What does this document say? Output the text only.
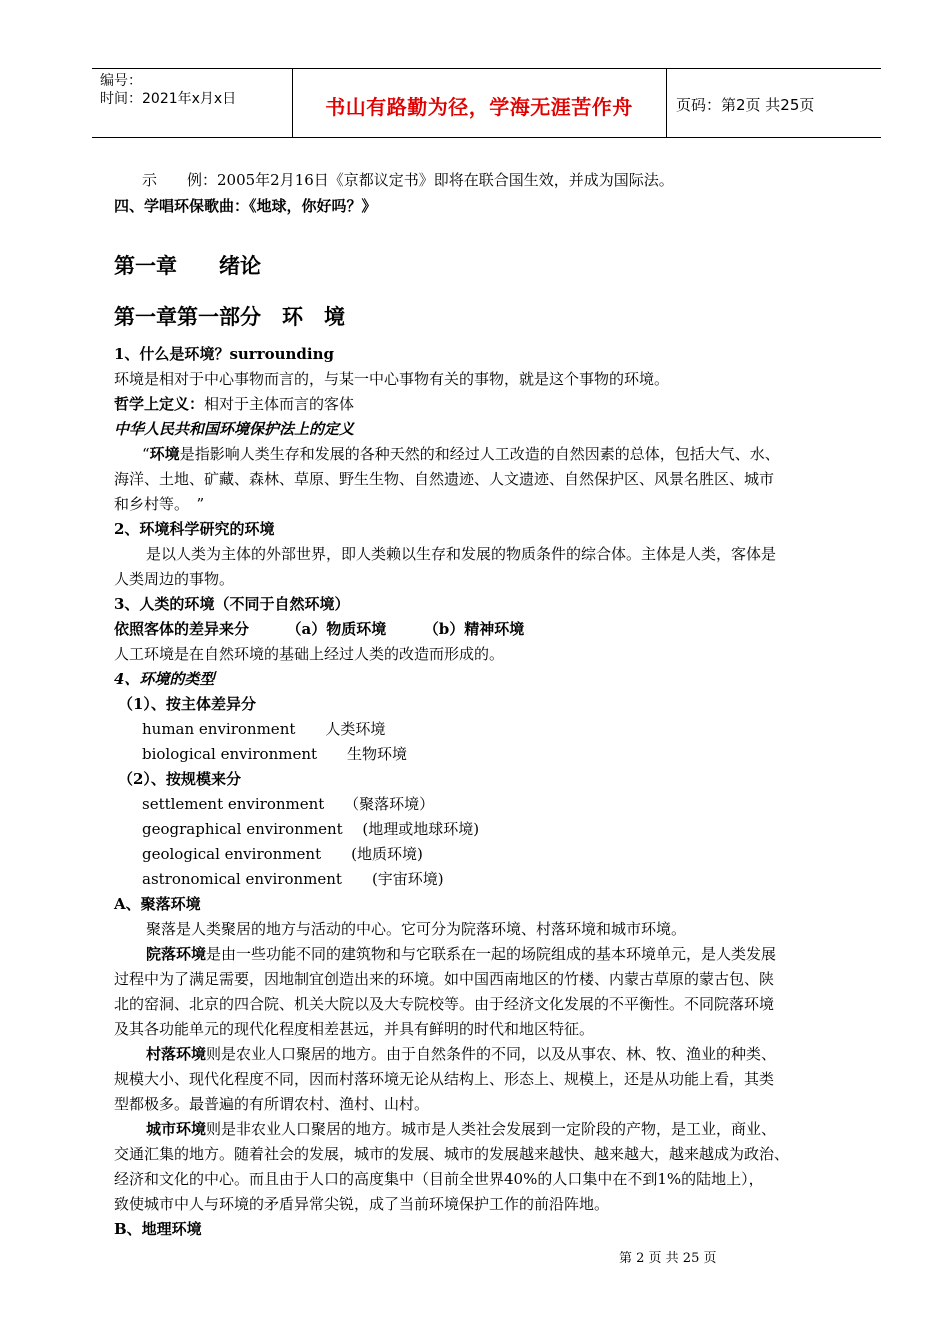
编号：
时间：2021年x月x日	书山有路勤为径，学海无涯苦作舟	页码：第2页 共25页
示　　例：2005年2月16日《京都议定书》即将在联合国生效，并成为国际法。
四、学唱环保歌曲：《地球，你好吗？》
第一章　　绪论
第一章第一部分　环　境
1、什么是环境？surrounding
环境是相对于中心事物而言的，与某一中心事物有关的事物，就是这个事物的环境。
哲学上定义：相对于主体而言的客体
中华人民共和国环境保护法上的定义
“环境是指影响人类生存和发展的各种天然的和经过人工改造的自然因素的总体，包括大气、水、
海洋、土地、矿藏、森林、草原、野生生物、自然遗迹、人文遗迹、自然保护区、风景名胜区、城市
和乡村等。　”
2、环境科学研究的环境
是以人类为主体的外部世界，即人类赖以生存和发展的物质条件的综合体。主体是人类，客体是
人类周边的事物。
3、人类的环境（不同于自然环境）
依照客体的差异来分　　　（a）物质环境　　　（b）精神环境
人工环境是在自然环境的基础上经过人类的改造而形成的。
4、环境的类型
（1）、按主体差异分
human environment　　人类环境
biological environment　　生物环境
（2）、按规模来分
settlement environment　 （聚落环境）
geographical environment　 (地理或地球环境)
geological environment　　(地质环境)
astronomical environment　　(宇宙环境)
A、聚落环境
聚落是人类聚居的地方与活动的中心。它可分为院落环境、村落环境和城市环境。
院落环境是由一些功能不同的建筑物和与它联系在一起的场院组成的基本环境单元，是人类发展
过程中为了满足需要，因地制宜创造出来的环境。如中国西南地区的竹楼、内蒙古草原的蒙古包、陕
北的窑洞、北京的四合院、机关大院以及大专院校等。由于经济文化发展的不平衡性。不同院落环境
及其各功能单元的现代化程度相差甚远，并具有鲜明的时代和地区特征。
村落环境则是农业人口聚居的地方。由于自然条件的不同，以及从事农、林、牧、渔业的种类、
规模大小、现代化程度不同，因而村落环境无论从结构上、形态上、规模上，还是从功能上看，其类
型都极多。最普遍的有所谓农村、渔村、山村。
城市环境则是非农业人口聚居的地方。城市是人类社会发展到一定阶段的产物，是工业，商业、
交通汇集的地方。随着社会的发展，城市的发展、城市的发展越来越快、越来越大，越来越成为政治、
经济和文化的中心。而且由于人口的高度集中（目前全世界40%的人口集中在不到1%的陆地上），
致使城市中人与环境的矛盾异常尖锐，成了当前环境保护工作的前沿阵地。
B、地理环境
第 2 页 共 25 页
